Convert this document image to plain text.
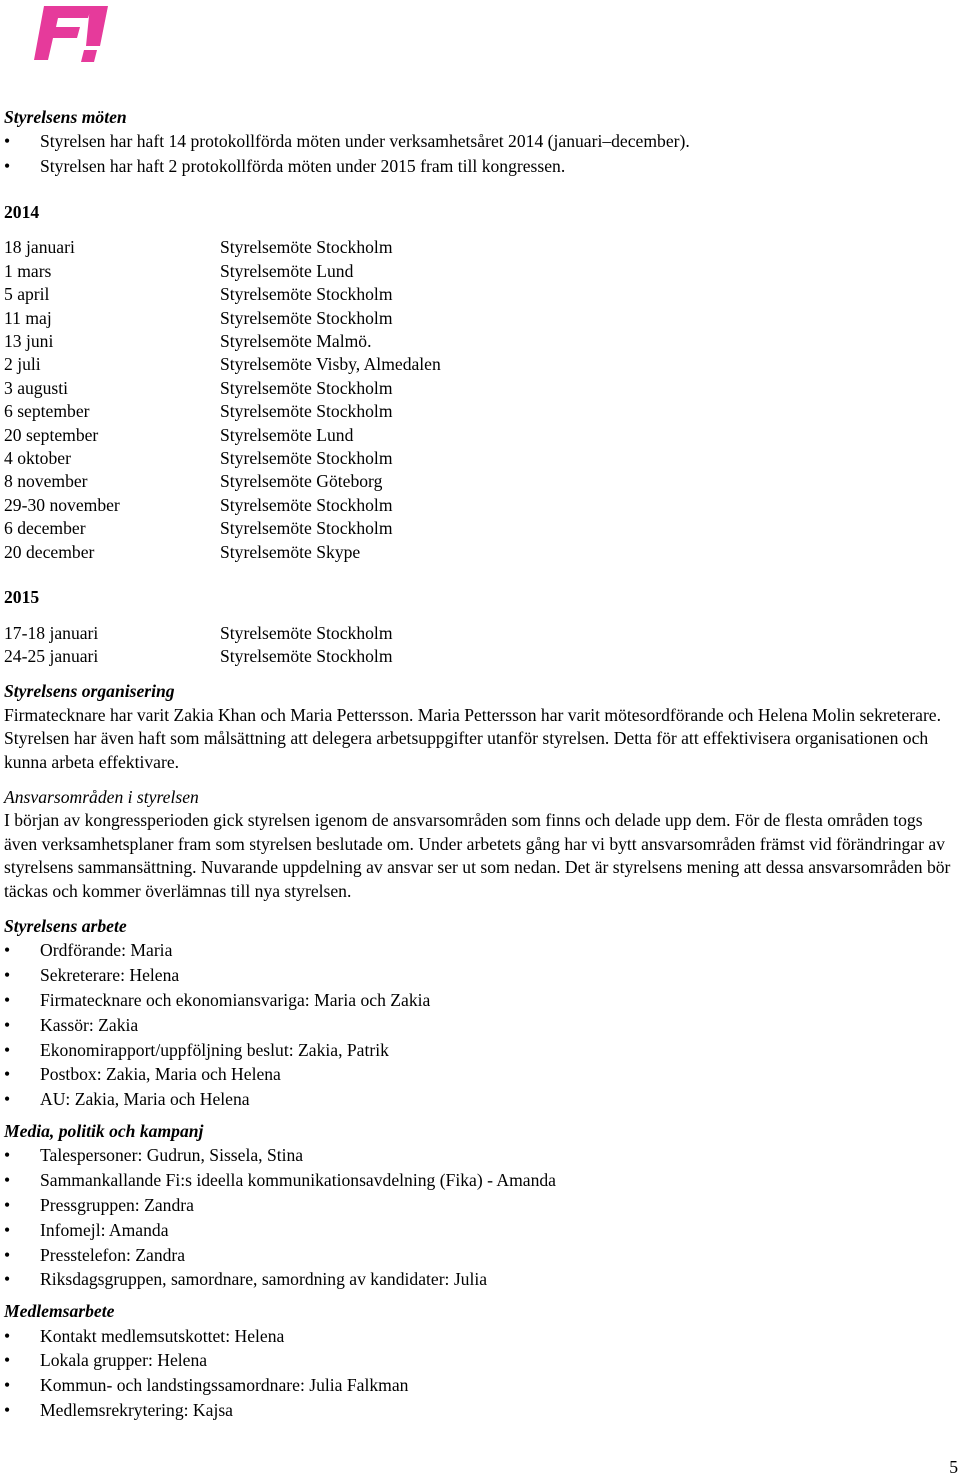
Styrelsens möten

• Styrelsen har haft 14 protokollförda möten under verksamhetsåret 2014 (januari–december).
• Styrelsen har haft 2 protokollförda möten under 2015 fram till kongressen.

2014

18 januari	Styrelsemöte Stockholm
1 mars	Styrelsemöte Lund
5 april	Styrelsemöte Stockholm
11 maj	Styrelsemöte Stockholm
13 juni	Styrelsemöte Malmö.
2 juli	Styrelsemöte Visby, Almedalen
3 augusti	Styrelsemöte Stockholm
6 september	Styrelsemöte Stockholm
20 september	Styrelsemöte Lund
4 oktober	Styrelsemöte Stockholm
8 november	Styrelsemöte Göteborg
29-30 november	Styrelsemöte Stockholm
6 december	Styrelsemöte Stockholm
20 december	Styrelsemöte Skype

2015

17-18 januari	Styrelsemöte Stockholm
24-25 januari	Styrelsemöte Stockholm

Styrelsens organisering

Firmatecknare har varit Zakia Khan och Maria Pettersson. Maria Pettersson har varit mötesordförande och Helena Molin sekreterare. Styrelsen har även haft som målsättning att delegera arbetsuppgifter utanför styrelsen. Detta för att effektivisera organisationen och kunna arbeta effektivare.

Ansvarsområden i styrelsen

I början av kongressperioden gick styrelsen igenom de ansvarsområden som finns och delade upp dem. För de flesta områden togs även verksamhetsplaner fram som styrelsen beslutade om. Under arbetets gång har vi bytt ansvarsområden främst vid förändringar av styrelsens sammansättning. Nuvarande uppdelning av ansvar ser ut som nedan. Det är styrelsens mening att dessa ansvarsområden bör täckas och kommer överlämnas till nya styrelsen.

Styrelsens arbete

• Ordförande: Maria
• Sekreterare: Helena
• Firmatecknare och ekonomiansvariga: Maria och Zakia
• Kassör: Zakia
• Ekonomirapport/uppföljning beslut: Zakia, Patrik
• Postbox: Zakia, Maria och Helena
• AU: Zakia, Maria och Helena

Media, politik och kampanj

• Talespersoner: Gudrun, Sissela, Stina
• Sammankallande Fi:s ideella kommunikationsavdelning (Fika) - Amanda
• Pressgruppen: Zandra
• Infomejl: Amanda
• Presstelefon: Zandra
• Riksdagsgruppen, samordnare, samordning av kandidater: Julia

Medlemsarbete

• Kontakt medlemsutskottet: Helena
• Lokala grupper: Helena
• Kommun- och landstingssamordnare: Julia Falkman
• Medlemsrekrytering: Kajsa
5
